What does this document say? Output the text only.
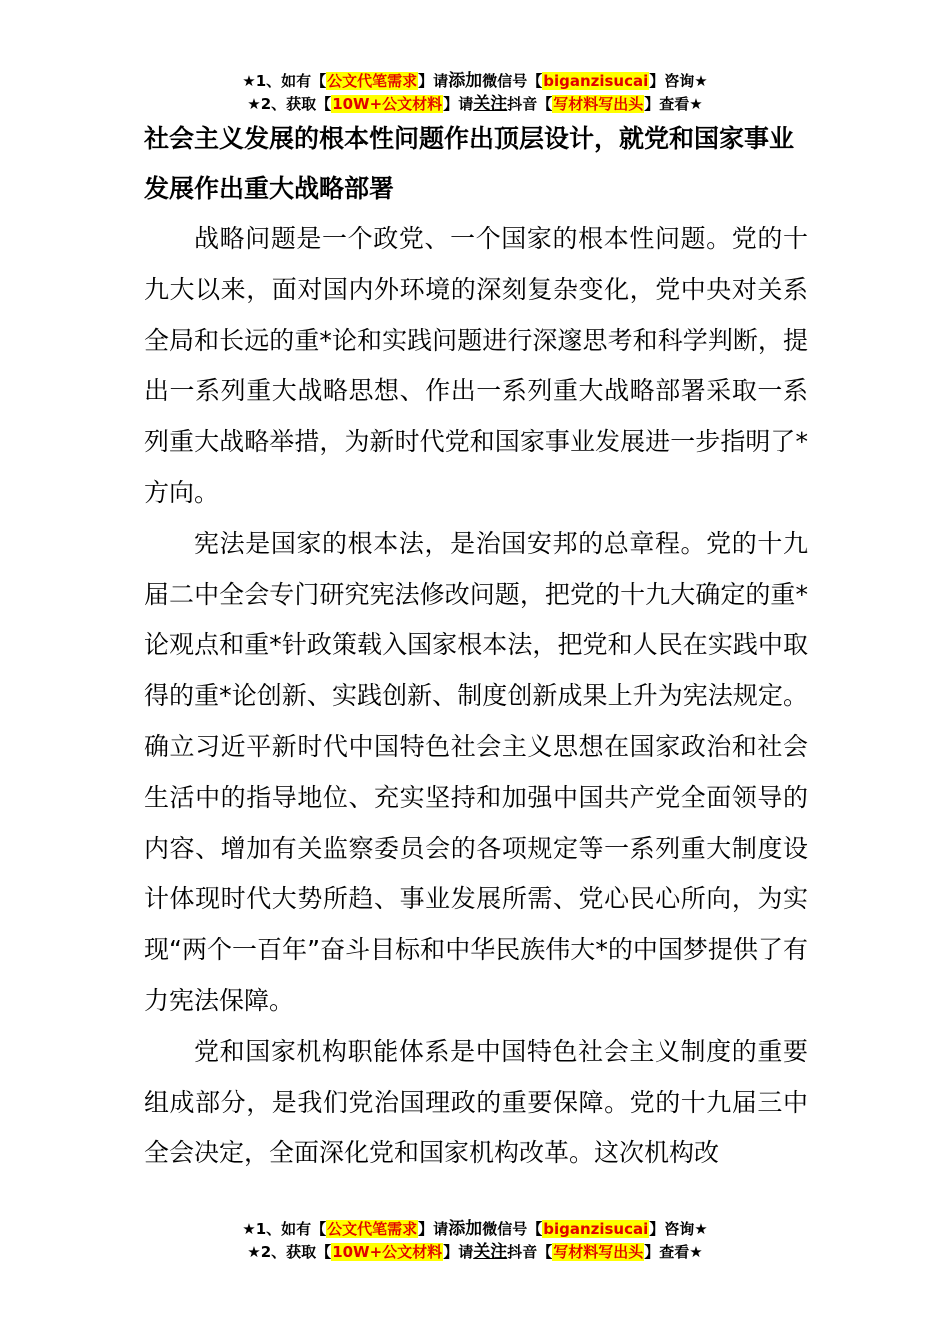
★1、如有【公文代笔需求】请添加微信号【biganzisucai】咨询★
★2、获取【10W+公文材料】请关注抖音【写材料写出头】查看★

社会主义发展的根本性问题作出顶层设计，就党和国家事业发展作出重大战略部署

战略问题是一个政党、一个国家的根本性问题。党的十九大以来，面对国内外环境的深刻复杂变化，党中央对关系全局和长远的重*论和实践问题进行深邃思考和科学判断，提出一系列重大战略思想、作出一系列重大战略部署采取一系列重大战略举措，为新时代党和国家事业发展进一步指明了*方向。

宪法是国家的根本法，是治国安邦的总章程。党的十九届二中全会专门研究宪法修改问题，把党的十九大确定的重*论观点和重*针政策载入国家根本法，把党和人民在实践中取得的重*论创新、实践创新、制度创新成果上升为宪法规定。确立习近平新时代中国特色社会主义思想在国家政治和社会生活中的指导地位、充实坚持和加强中国共产党全面领导的内容、增加有关监察委员会的各项规定等一系列重大制度设计体现时代大势所趋、事业发展所需、党心民心所向，为实现“两个一百年”奋斗目标和中华民族伟大*的中国梦提供了有力宪法保障。

党和国家机构职能体系是中国特色社会主义制度的重要组成部分，是我们党治国理政的重要保障。党的十九届三中全会决定，全面深化党和国家机构改革。这次机构改

★1、如有【公文代笔需求】请添加微信号【biganzisucai】咨询★
★2、获取【10W+公文材料】请关注抖音【写材料写出头】查看★
